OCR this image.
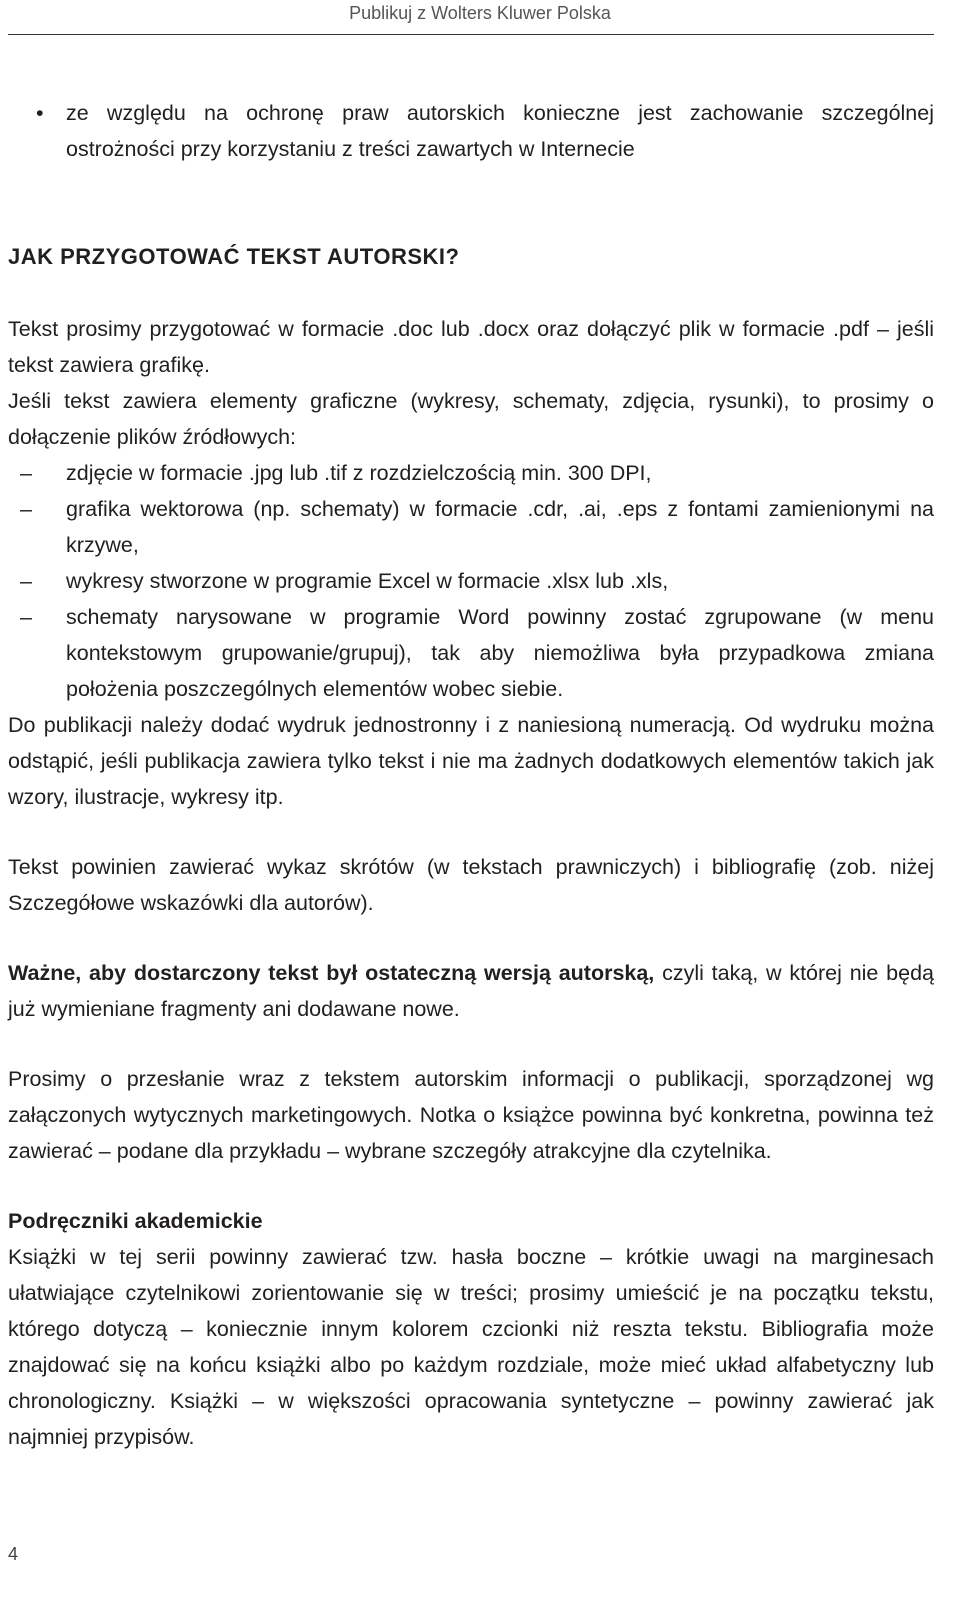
Publikuj z Wolters Kluwer Polska
• ze względu na ochronę praw autorskich konieczne jest zachowanie szczególnej ostrożności przy korzystaniu z treści zawartych w Internecie
JAK PRZYGOTOWAĆ TEKST AUTORSKI?

Tekst prosimy przygotować w formacie .doc lub .docx oraz dołączyć plik w formacie .pdf – jeśli tekst zawiera grafikę.

Jeśli tekst zawiera elementy graficzne (wykresy, schematy, zdjęcia, rysunki), to prosimy o dołączenie plików źródłowych:

– zdjęcie w formacie .jpg lub .tif z rozdzielczością min. 300 DPI,
– grafika wektorowa (np. schematy) w formacie .cdr, .ai, .eps z fontami zamienionymi na krzywe,
– wykresy stworzone w programie Excel w formacie .xlsx lub .xls,
– schematy narysowane w programie Word powinny zostać zgrupowane (w menu kontekstowym grupowanie/grupuj), tak aby niemożliwa była przypadkowa zmiana położenia poszczególnych elementów wobec siebie.

Do publikacji należy dodać wydruk jednostronny i z naniesioną numeracją. Od wydruku można odstąpić, jeśli publikacja zawiera tylko tekst i nie ma żadnych dodatkowych elementów takich jak wzory, ilustracje, wykresy itp.

Tekst powinien zawierać wykaz skrótów (w tekstach prawniczych) i bibliografię (zob. niżej Szczegółowe wskazówki dla autorów).

Ważne, aby dostarczony tekst był ostateczną wersją autorską, czyli taką, w której nie będą już wymieniane fragmenty ani dodawane nowe.

Prosimy o przesłanie wraz z tekstem autorskim informacji o publikacji, sporządzonej wg załączonych wytycznych marketingowych. Notka o książce powinna być konkretna, powinna też zawierać – podane dla przykładu – wybrane szczegóły atrakcyjne dla czytelnika.

Podręczniki akademickie

Książki w tej serii powinny zawierać tzw. hasła boczne – krótkie uwagi na marginesach ułatwiające czytelnikowi zorientowanie się w treści; prosimy umieścić je na początku tekstu, którego dotyczą – koniecznie innym kolorem czcionki niż reszta tekstu. Bibliografia może znajdować się na końcu książki albo po każdym rozdziale, może mieć układ alfabetyczny lub chronologiczny. Książki – w większości opracowania syntetyczne – powinny zawierać jak najmniej przypisów.

4
